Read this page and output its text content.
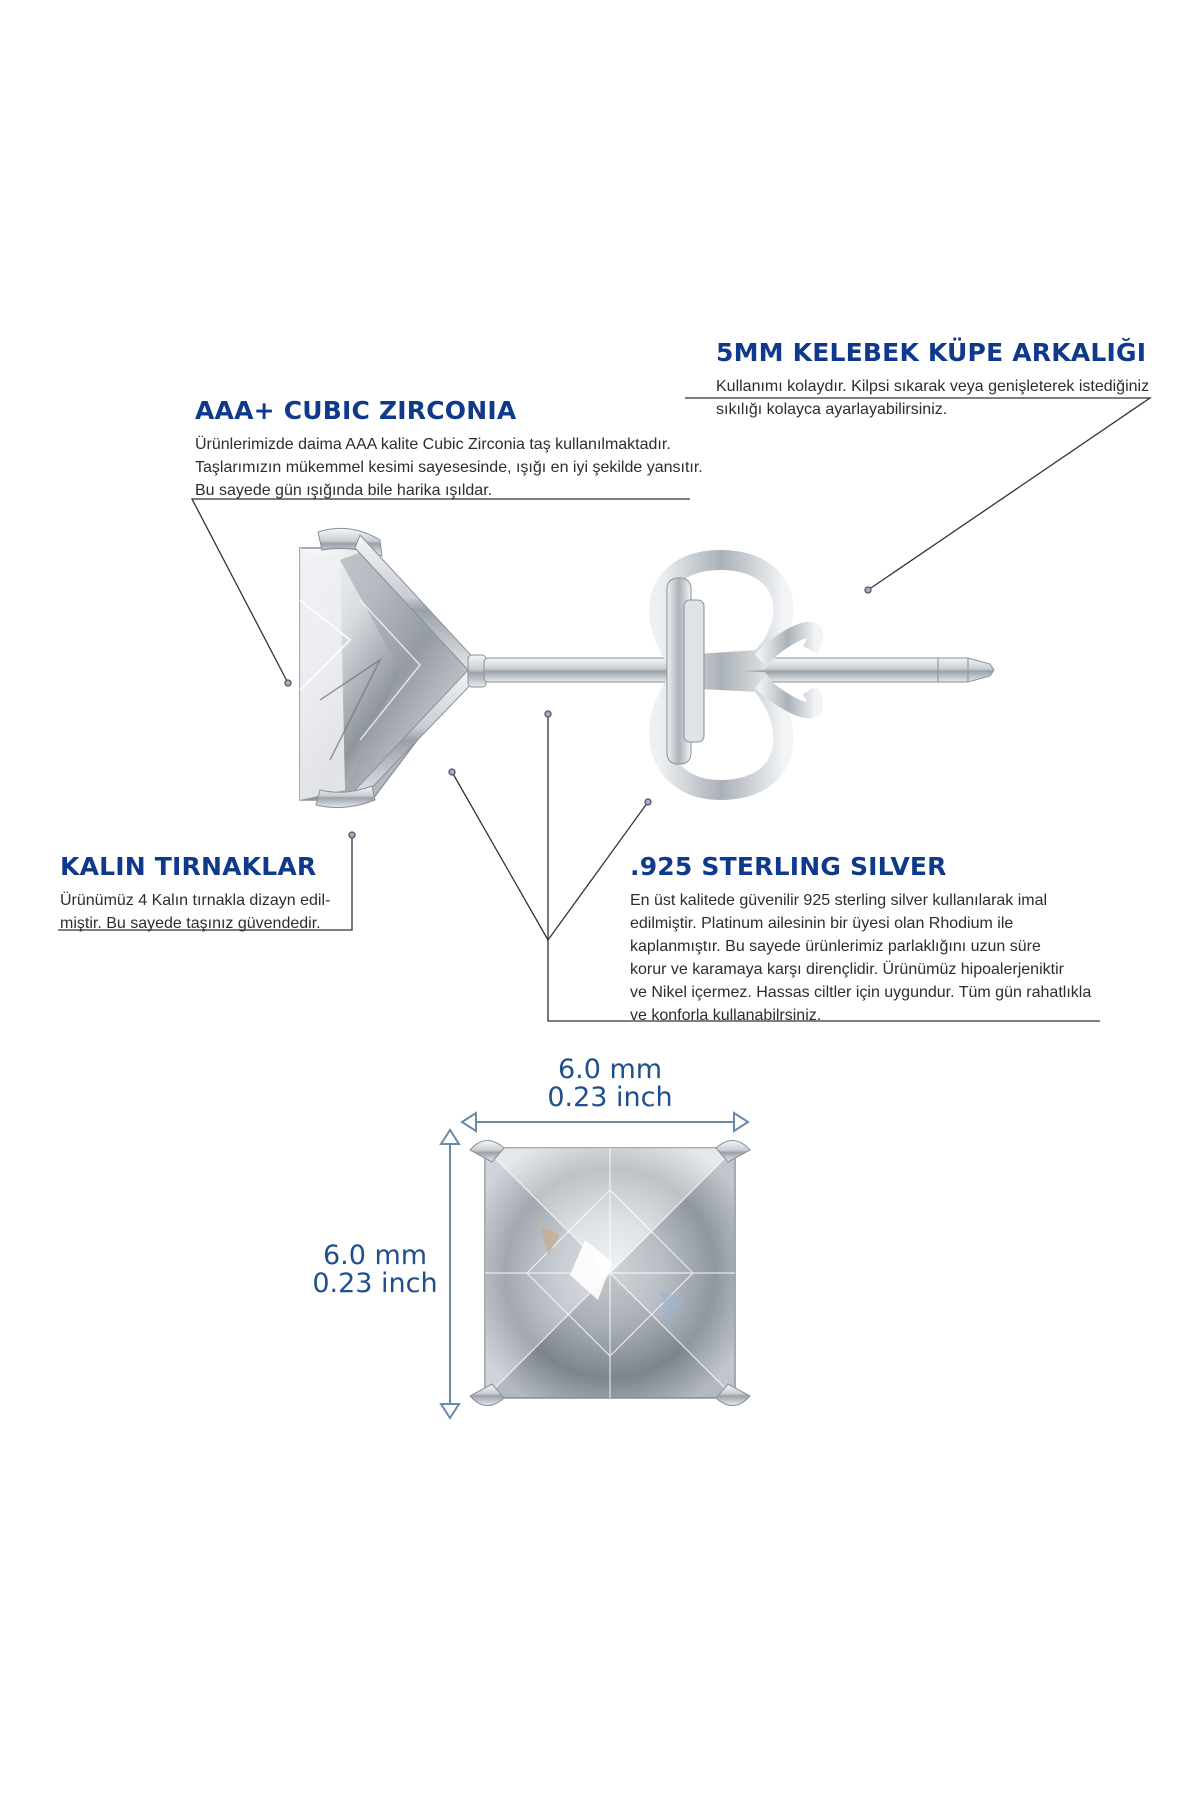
AAA+ CUBIC ZIRCONIA
Ürünlerimizde daima AAA kalite Cubic Zirconia taş kullanılmaktadır.
Taşlarımızın mükemmel kesimi sayesesinde, ışığı en iyi şekilde yansıtır.
Bu sayede gün ışığında bile harika ışıldar.
5MM KELEBEK KÜPE ARKALIĞI
Kullanımı kolaydır. Kilpsi sıkarak veya genişleterek istediğiniz
sıkılığı kolayca ayarlayabilirsiniz.
KALIN TIRNAKLAR
Ürünümüz 4 Kalın tırnakla dizayn edil-
miştir. Bu sayede taşınız güvendedir.
.925 STERLING SILVER
En üst kalitede güvenilir 925 sterling silver kullanılarak imal
edilmiştir. Platinum ailesinin bir üyesi olan Rhodium ile
kaplanmıştır. Bu sayede ürünlerimiz parlaklığını uzun süre
korur ve karamaya karşı dirençlidir. Ürünümüz hipoalerjeniktir
ve Nikel içermez. Hassas ciltler için uygundur. Tüm gün rahatlıkla
ve konforla kullanabilrsiniz.
6.0 mm
0.23 inch
6.0 mm
0.23 inch
